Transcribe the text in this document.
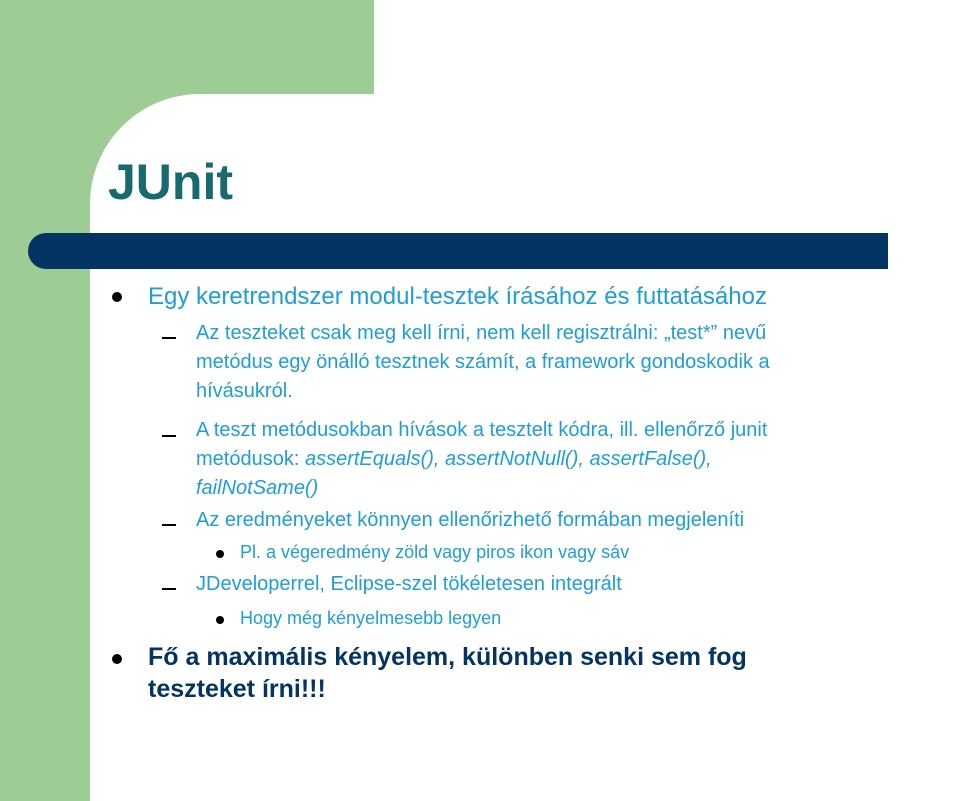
JUnit

Egy keretrendszer modul-tesztek írásához és futtatásához

Az teszteket csak meg kell írni, nem kell regisztrálni: „test*” nevű

metódus egy önálló tesztnek számít, a framework gondoskodik a

hívásukról.

A teszt metódusokban hívások a tesztelt kódra, ill. ellenőrző junit

metódusok: assertEquals(), assertNotNull(), assertFalse(),

failNotSame()

Az eredményeket könnyen ellenőrizhető formában megjeleníti

Pl. a végeredmény zöld vagy piros ikon vagy sáv

JDeveloperrel, Eclipse-szel tökéletesen integrált

Hogy még kényelmesebb legyen

Fő a maximális kényelem, különben senki sem fog

teszteket írni!!!
